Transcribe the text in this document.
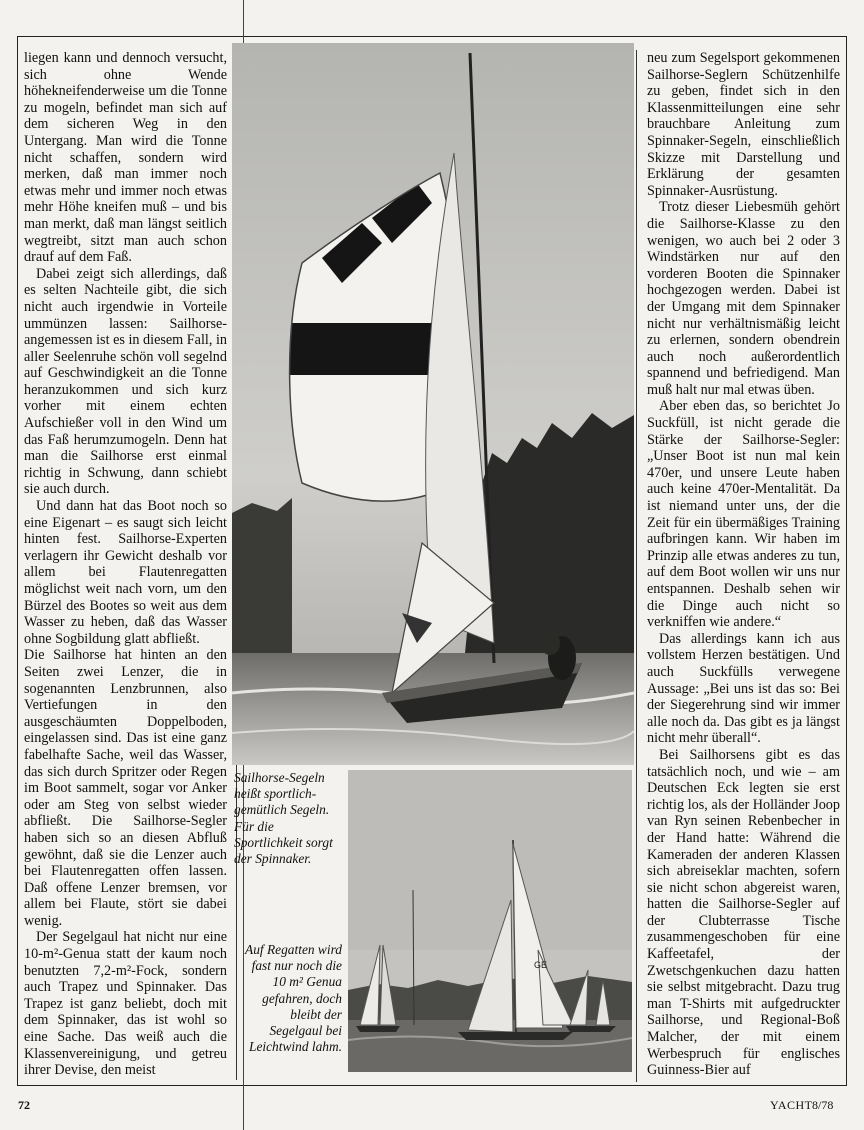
liegen kann und dennoch versucht, sich ohne Wende höhekneifenderweise um die Tonne zu mogeln, befindet man sich auf dem sicheren Weg in den Untergang. Man wird die Tonne nicht schaffen, sondern wird merken, daß man immer noch etwas mehr und immer noch etwas mehr Höhe kneifen muß – und bis man merkt, daß man längst seitlich wegtreibt, sitzt man auch schon drauf auf dem Faß.

Dabei zeigt sich allerdings, daß es selten Nachteile gibt, die sich nicht auch irgendwie in Vorteile ummünzen lassen: Sailhorse-angemessen ist es in diesem Fall, in aller Seelenruhe schön voll segelnd auf Geschwindigkeit an die Tonne heranzukommen und sich kurz vorher mit einem echten Aufschießer voll in den Wind um das Faß herumzumogeln. Denn hat man die Sailhorse erst einmal richtig in Schwung, dann schiebt sie auch durch.

Und dann hat das Boot noch so eine Eigenart – es saugt sich leicht hinten fest. Sailhorse-Experten verlagern ihr Gewicht deshalb vor allem bei Flautenregatten möglichst weit nach vorn, um den Bürzel des Bootes so weit aus dem Wasser zu heben, daß das Wasser ohne Sogbildung glatt abfließt.

Die Sailhorse hat hinten an den Seiten zwei Lenzer, die in sogenannten Lenzbrunnen, also Vertiefungen in den ausgeschäumten Doppelboden, eingelassen sind. Das ist eine ganz fabelhafte Sache, weil das Wasser, das sich durch Spritzer oder Regen im Boot sammelt, sogar vor Anker oder am Steg von selbst wieder abfließt. Die Sailhorse-Segler haben sich so an diesen Abfluß gewöhnt, daß sie die Lenzer auch bei Flautenregatten offen lassen. Daß offene Lenzer bremsen, vor allem bei Flaute, stört sie dabei wenig.

Der Segelgaul hat nicht nur eine 10-m²-Genua statt der kaum noch benutzten 7,2-m²-Fock, sondern auch Trapez und Spinnaker. Das Trapez ist ganz beliebt, doch mit dem Spinnaker, das ist wohl so eine Sache. Das weiß auch die Klassenvereinigung, und getreu ihrer Devise, den meist

Sailhorse-Segeln heißt sportlich-gemütlich Segeln. Für die Sportlichkeit sorgt der Spinnaker.
GE
Auf Regatten wird fast nur noch die 10 m² Genua gefahren, doch bleibt der Segelgaul bei Leichtwind lahm.

neu zum Segelsport gekommenen Sailhorse-Seglern Schützenhilfe zu geben, findet sich in den Klassenmitteilungen eine sehr brauchbare Anleitung zum Spinnaker-Segeln, einschließlich Skizze mit Darstellung und Erklärung der gesamten Spinnaker-Ausrüstung.

Trotz dieser Liebesmüh gehört die Sailhorse-Klasse zu den wenigen, wo auch bei 2 oder 3 Windstärken nur auf den vorderen Booten die Spinnaker hochgezogen werden. Dabei ist der Umgang mit dem Spinnaker nicht nur verhältnismäßig leicht zu erlernen, sondern obendrein auch noch außerordentlich spannend und befriedigend. Man muß halt nur mal etwas üben.

Aber eben das, so berichtet Jo Suckfüll, ist nicht gerade die Stärke der Sailhorse-Segler: „Unser Boot ist nun mal kein 470er, und unsere Leute haben auch keine 470er-Mentalität. Da ist niemand unter uns, der die Zeit für ein übermäßiges Training aufbringen kann. Wir haben im Prinzip alle etwas anderes zu tun, auf dem Boot wollen wir uns nur entspannen. Deshalb sehen wir die Dinge auch nicht so verkniffen wie andere.“

Das allerdings kann ich aus vollstem Herzen bestätigen. Und auch Suckfülls verwegene Aussage: „Bei uns ist das so: Bei der Siegerehrung sind wir immer alle noch da. Das gibt es ja längst nicht mehr überall“.

Bei Sailhorsens gibt es das tatsächlich noch, und wie – am Deutschen Eck legten sie erst richtig los, als der Holländer Joop van Ryn seinen Rebenbecher in der Hand hatte: Während die Kameraden der anderen Klassen sich abreiseklar machten, sofern sie nicht schon abgereist waren, hatten die Sailhorse-Segler auf der Clubterrasse Tische zusammengeschoben für eine Kaffeetafel, der Zwetschgenkuchen dazu hatten sie selbst mitgebracht. Dazu trug man T-Shirts mit aufgedruckter Sailhorse, und Regional-Boß Malcher, der mit einem Werbespruch für englisches Guinness-Bier auf

72	YACHT 8/78
